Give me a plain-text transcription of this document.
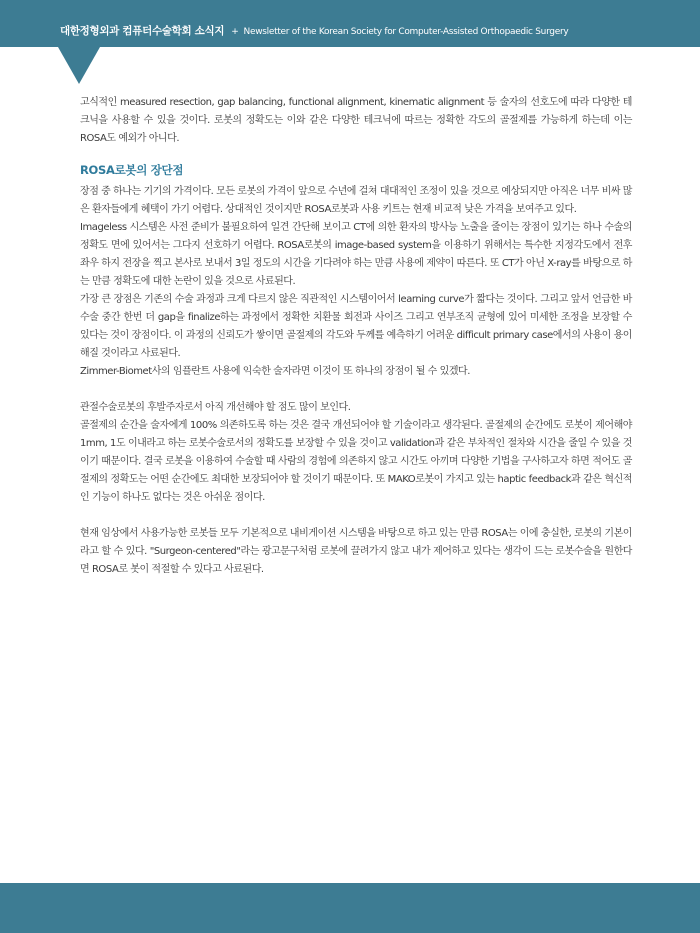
대한정형외과 컴퓨터수술학회 소식지 + Newsletter of the Korean Society for Computer-Assisted Orthopaedic Surgery

고식적인 measured resection, gap balancing, functional alignment, kinematic alignment 등 술자의 선호도에 따라 다양한 테크닉을 사용할 수 있을 것이다. 로봇의 정확도는 이와 같은 다양한 테크닉에 따르는 정확한 각도의 골절제를 가능하게 하는데 이는 ROSA도 예외가 아니다.

ROSA로봇의 장단점

장점 중 하나는 기기의 가격이다. 모든 로봇의 가격이 앞으로 수년에 걸쳐 대대적인 조정이 있을 것으로 예상되지만 아직은 너무 비싸 많은 환자들에게 혜택이 가기 어렵다. 상대적인 것이지만 ROSA로봇과 사용 키트는 현재 비교적 낮은 가격을 보여주고 있다.

Imageless 시스템은 사전 준비가 불필요하여 일견 간단해 보이고 CT에 의한 환자의 방사능 노출을 줄이는 장점이 있기는 하나 수술의 정확도 면에 있어서는 그다지 선호하기 어렵다. ROSA로봇의 image-based system을 이용하기 위해서는 특수한 지정각도에서 전후 좌우 하지 전장을 찍고 본사로 보내서 3일 정도의 시간을 기다려야 하는 만큼 사용에 제약이 따른다. 또 CT가 아닌 X-ray를 바탕으로 하는 만큼 정확도에 대한 논란이 있을 것으로 사료된다.

가장 큰 장점은 기존의 수술 과정과 크게 다르지 않은 직관적인 시스템이어서 learning curve가 짧다는 것이다. 그리고 앞서 언급한 바 수술 중간 한번 더 gap을 finalize하는 과정에서 정확한 치환물 회전과 사이즈 그리고 연부조직 균형에 있어 미세한 조정을 보장할 수 있다는 것이 장점이다. 이 과정의 신뢰도가 쌓이면 골절제의 각도와 두께를 예측하기 어려운 difficult primary case에서의 사용이 용이해질 것이라고 사료된다.

Zimmer-Biomet사의 임플란트 사용에 익숙한 술자라면 이것이 또 하나의 장점이 될 수 있겠다.

관절수술로봇의 후발주자로서 아직 개선해야 할 점도 많이 보인다.

골절제의 순간을 술자에게 100% 의존하도록 하는 것은 결국 개선되어야 할 기술이라고 생각된다. 골절제의 순간에도 로봇이 제어해야 1mm, 1도 이내라고 하는 로봇수술로서의 정확도를 보장할 수 있을 것이고 validation과 같은 부차적인 절차와 시간을 줄일 수 있을 것이기 때문이다. 결국 로봇을 이용하여 수술할 때 사람의 경험에 의존하지 않고 시간도 아끼며 다양한 기법을 구사하고자 하면 적어도 골절제의 정확도는 어떤 순간에도 최대한 보장되어야 할 것이기 때문이다. 또 MAKO로봇이 가지고 있는 haptic feedback과 같은 혁신적인 기능이 하나도 없다는 것은 아쉬운 점이다.

현재 임상에서 사용가능한 로봇들 모두 기본적으로 내비게이션 시스템을 바탕으로 하고 있는 만큼 ROSA는 이에 충실한, 로봇의 기본이라고 할 수 있다. "Surgeon-centered"라는 광고문구처럼 로봇에 끌려가지 않고 내가 제어하고 있다는 생각이 드는 로봇수술을 원한다면 ROSA로 봇이 적절할 수 있다고 사료된다.
